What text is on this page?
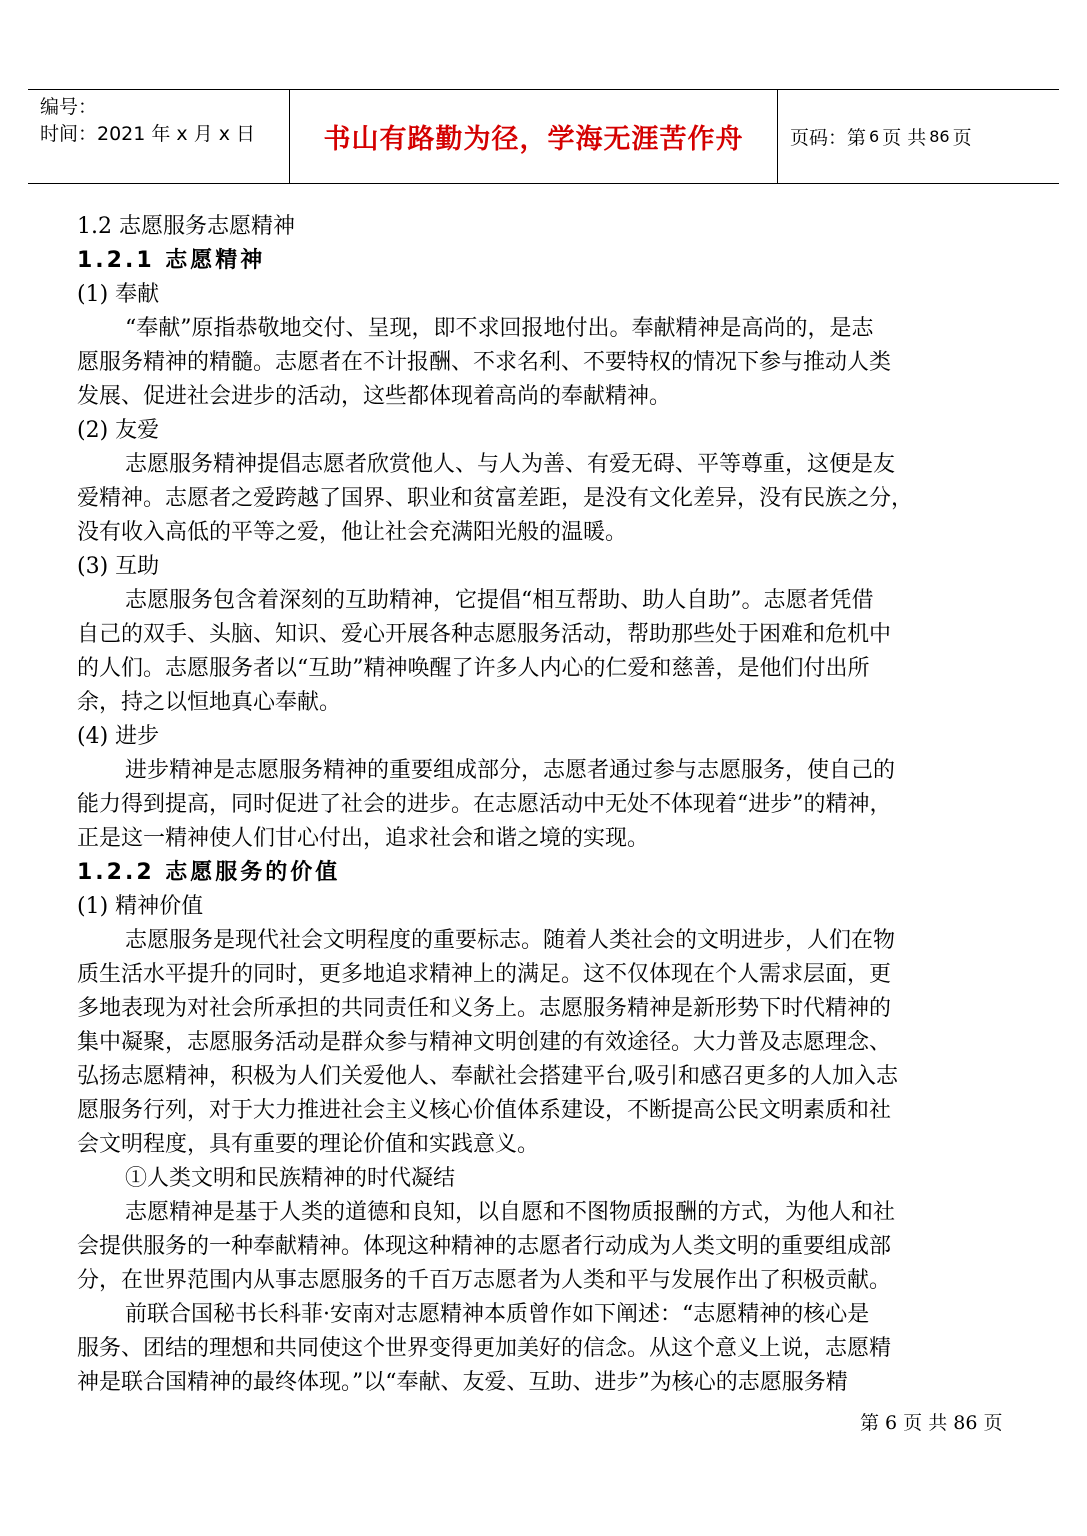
编号：
时间：2021 年 x 月 x 日	书山有路勤为径，学海无涯苦作舟 页码：第 6 页 共 86 页

1.2 志愿服务志愿精神

1.2.1 志愿精神

(1) 奉献

“奉献”原指恭敬地交付、呈现，即不求回报地付出。奉献精神是高尚的，是志

愿服务精神的精髓。志愿者在不计报酬、不求名利、不要特权的情况下参与推动人类

发展、促进社会进步的活动，这些都体现着高尚的奉献精神。

(2) 友爱

志愿服务精神提倡志愿者欣赏他人、与人为善、有爱无碍、平等尊重，这便是友

爱精神。志愿者之爱跨越了国界、职业和贫富差距，是没有文化差异，没有民族之分，

没有收入高低的平等之爱，他让社会充满阳光般的温暖。

(3) 互助

志愿服务包含着深刻的互助精神，它提倡“相互帮助、助人自助”。志愿者凭借

自己的双手、头脑、知识、爱心开展各种志愿服务活动，帮助那些处于困难和危机中

的人们。志愿服务者以“互助”精神唤醒了许多人内心的仁爱和慈善，是他们付出所

余，持之以恒地真心奉献。

(4) 进步

进步精神是志愿服务精神的重要组成部分，志愿者通过参与志愿服务，使自己的

能力得到提高，同时促进了社会的进步。在志愿活动中无处不体现着“进步”的精神，

正是这一精神使人们甘心付出，追求社会和谐之境的实现。

1.2.2 志愿服务的价值

(1) 精神价值

志愿服务是现代社会文明程度的重要标志。随着人类社会的文明进步，人们在物

质生活水平提升的同时，更多地追求精神上的满足。这不仅体现在个人需求层面，更

多地表现为对社会所承担的共同责任和义务上。志愿服务精神是新形势下时代精神的

集中凝聚，志愿服务活动是群众参与精神文明创建的有效途径。大力普及志愿理念、

弘扬志愿精神，积极为人们关爱他人、奉献社会搭建平台,吸引和感召更多的人加入志

愿服务行列，对于大力推进社会主义核心价值体系建设，不断提高公民文明素质和社

会文明程度，具有重要的理论价值和实践意义。

①人类文明和民族精神的时代凝结

志愿精神是基于人类的道德和良知，以自愿和不图物质报酬的方式，为他人和社

会提供服务的一种奉献精神。体现这种精神的志愿者行动成为人类文明的重要组成部

分，在世界范围内从事志愿服务的千百万志愿者为人类和平与发展作出了积极贡献。

前联合国秘书长科菲·安南对志愿精神本质曾作如下阐述：“志愿精神的核心是

服务、团结的理想和共同使这个世界变得更加美好的信念。从这个意义上说，志愿精

神是联合国精神的最终体现。”以“奉献、友爱、互助、进步”为核心的志愿服务精

第 6 页 共 86 页
